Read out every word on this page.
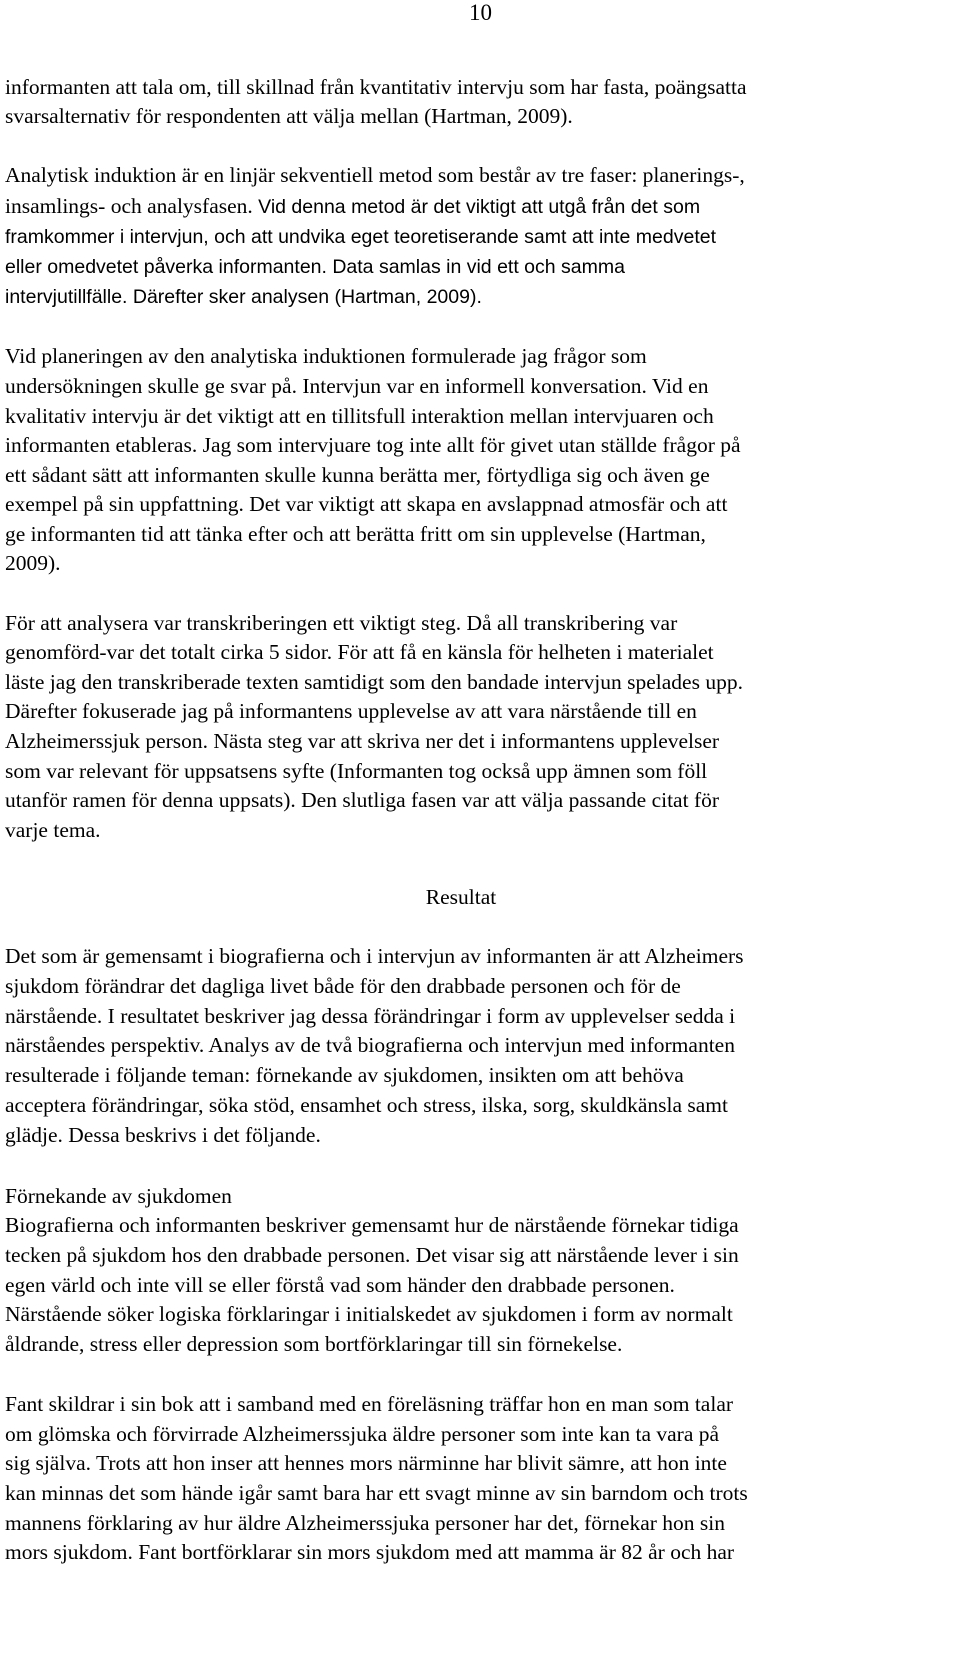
10
informanten att tala om, till skillnad från kvantitativ intervju som har fasta, poängsatta
svarsalternativ för respondenten att välja mellan (Hartman, 2009).
Analytisk induktion är en linjär sekventiell metod som består av tre faser: planerings-,
insamlings- och analysfasen. Vid denna metod är det viktigt att utgå från det som
framkommer i intervjun, och att undvika eget teoretiserande samt att inte medvetet
eller omedvetet påverka informanten. Data samlas in vid ett och samma
intervjutillfälle. Därefter sker analysen (Hartman, 2009).
Vid planeringen av den analytiska induktionen formulerade jag frågor som
undersökningen skulle ge svar på. Intervjun var en informell konversation. Vid en
kvalitativ intervju är det viktigt att en tillitsfull interaktion mellan intervjuaren och
informanten etableras. Jag som intervjuare tog inte allt för givet utan ställde frågor på
ett sådant sätt att informanten skulle kunna berätta mer, förtydliga sig och även ge
exempel på sin uppfattning. Det var viktigt att skapa en avslappnad atmosfär och att
ge informanten tid att tänka efter och att berätta fritt om sin upplevelse (Hartman,
2009).
För att analysera var transkriberingen ett viktigt steg. Då all transkribering var
genomförd-var det totalt cirka 5 sidor. För att få en känsla för helheten i materialet
läste jag den transkriberade texten samtidigt som den bandade intervjun spelades upp.
Därefter fokuserade jag på informantens upplevelse av att vara närstående till en
Alzheimerssjuk person. Nästa steg var att skriva ner det i informantens upplevelser
som var relevant för uppsatsens syfte (Informanten tog också upp ämnen som föll
utanför ramen för denna uppsats). Den slutliga fasen var att välja passande citat för
varje tema.
Resultat
Det som är gemensamt i biografierna och i intervjun av informanten är att Alzheimers
sjukdom förändrar det dagliga livet både för den drabbade personen och för de
närstående. I resultatet beskriver jag dessa förändringar i form av upplevelser sedda i
närståendes perspektiv. Analys av de två biografierna och intervjun med informanten
resulterade i följande teman: förnekande av sjukdomen, insikten om att behöva
acceptera förändringar, söka stöd, ensamhet och stress, ilska, sorg, skuldkänsla samt
glädje. Dessa beskrivs i det följande.
Förnekande av sjukdomen
Biografierna och informanten beskriver gemensamt hur de närstående förnekar tidiga
tecken på sjukdom hos den drabbade personen. Det visar sig att närstående lever i sin
egen värld och inte vill se eller förstå vad som händer den drabbade personen.
Närstående söker logiska förklaringar i initialskedet av sjukdomen i form av normalt
åldrande, stress eller depression som bortförklaringar till sin förnekelse.
Fant skildrar i sin bok att i samband med en föreläsning träffar hon en man som talar
om glömska och förvirrade Alzheimerssjuka äldre personer som inte kan ta vara på
sig själva. Trots att hon inser att hennes mors närminne har blivit sämre, att hon inte
kan minnas det som hände igår samt bara har ett svagt minne av sin barndom och trots
mannens förklaring av hur äldre Alzheimerssjuka personer har det, förnekar hon sin
mors sjukdom. Fant bortförklarar sin mors sjukdom med att mamma är 82 år och har
